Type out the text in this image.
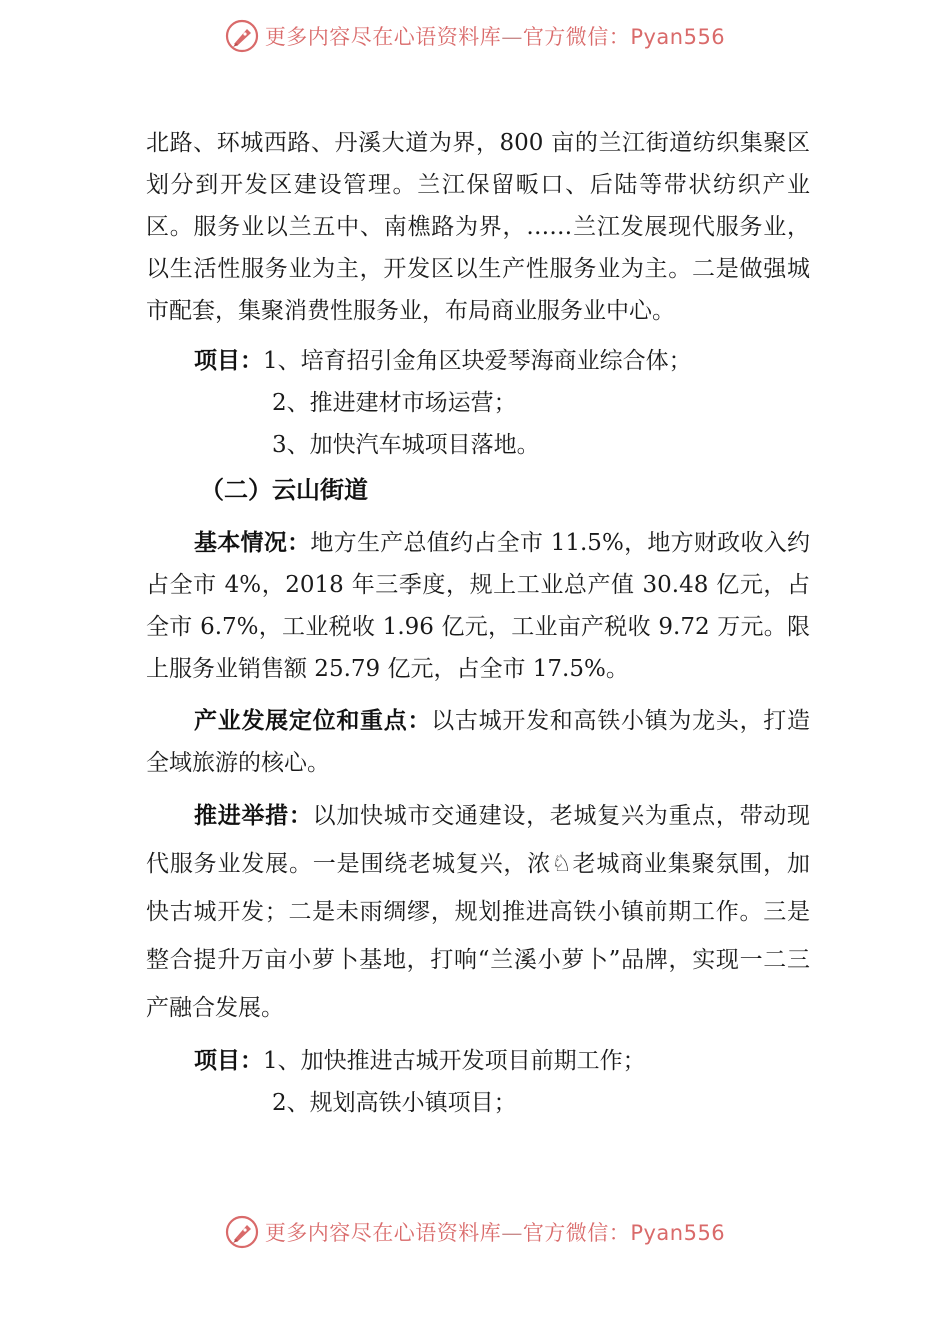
更多内容尽在心语资料库—官方微信：Pyan556

北路、环城西路、丹溪大道为界，800 亩的兰江街道纺织集聚区划分到开发区建设管理。兰江保留畈口、后陆等带状纺织产业区。服务业以兰五中、南樵路为界，……兰江发展现代服务业，以生活性服务业为主，开发区以生产性服务业为主。二是做强城市配套，集聚消费性服务业，布局商业服务业中心。

项目：1、培育招引金角区块爱琴海商业综合体；
2、推进建材市场运营；
3、加快汽车城项目落地。
（二）云山街道

基本情况：地方生产总值约占全市 11.5%，地方财政收入约占全市 4%，2018 年三季度，规上工业总产值 30.48 亿元，占全市 6.7%，工业税收 1.96 亿元，工业亩产税收 9.72 万元。限上服务业销售额 25.79 亿元，占全市 17.5%。

产业发展定位和重点：以古城开发和高铁小镇为龙头，打造全域旅游的核心。

推进举措：以加快城市交通建设，老城复兴为重点，带动现代服务业发展。一是围绕老城复兴，浓♘老城商业集聚氛围，加快古城开发；二是未雨绸缪，规划推进高铁小镇前期工作。三是整合提升万亩小萝卜基地，打响“兰溪小萝卜”品牌，实现一二三产融合发展。

项目：1、加快推进古城开发项目前期工作；
2、规划高铁小镇项目；
更多内容尽在心语资料库—官方微信：Pyan556
